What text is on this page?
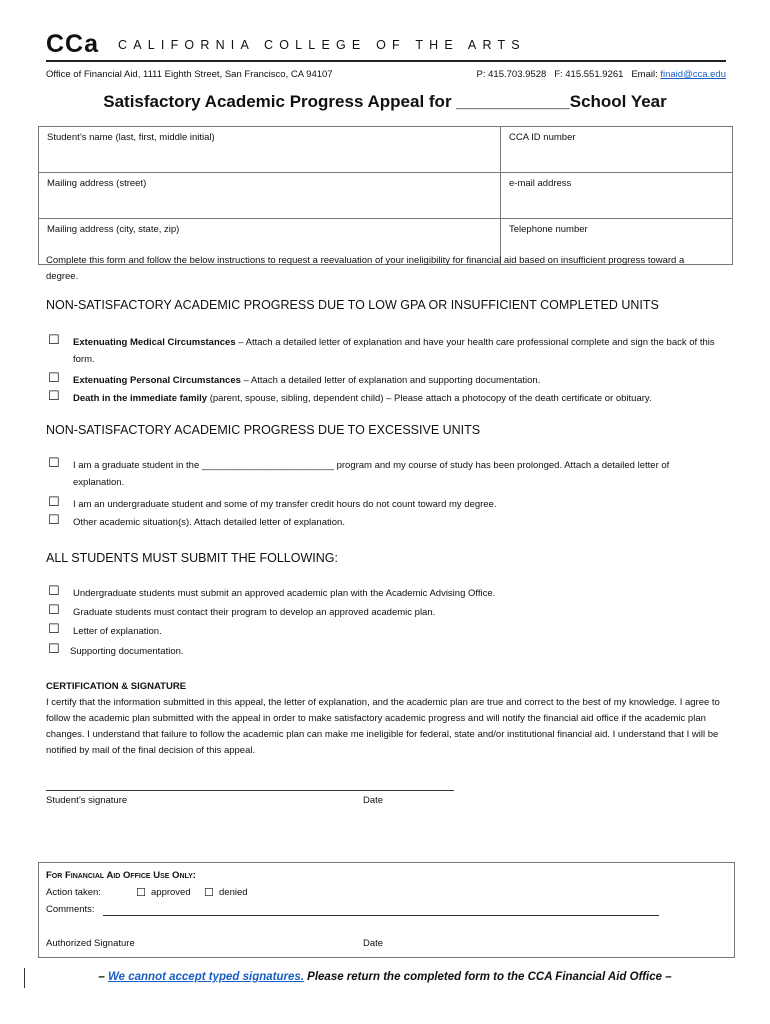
CCa CALIFORNIA COLLEGE OF THE ARTS
Office of Financial Aid, 1111 Eighth Street, San Francisco, CA 94107	P: 415.703.9528 F: 415.551.9261 Email: finaid@cca.edu
Satisfactory Academic Progress Appeal for ____________School Year
Student’s name (last, first, middle initial)	CCA ID number
Mailing address (street)	e-mail address
Mailing address (city, state, zip)	Telephone number
Complete this form and follow the below instructions to request a reevaluation of your ineligibility for financial aid based on insufficient progress toward a degree.
NON-SATISFACTORY ACADEMIC PROGRESS DUE TO LOW GPA OR INSUFFICIENT COMPLETED UNITS
☐ Extenuating Medical Circumstances – Attach a detailed letter of explanation and have your health care professional complete and sign the back of this form.
☐ Extenuating Personal Circumstances – Attach a detailed letter of explanation and supporting documentation.
☐ Death in the immediate family (parent, spouse, sibling, dependent child) – Please attach a photocopy of the death certificate or obituary.
NON-SATISFACTORY ACADEMIC PROGRESS DUE TO EXCESSIVE UNITS
☐ I am a graduate student in the _________________________ program and my course of study has been prolonged. Attach a detailed letter of explanation.
☐ I am an undergraduate student and some of my transfer credit hours do not count toward my degree.
☐ Other academic situation(s). Attach detailed letter of explanation.
ALL STUDENTS MUST SUBMIT THE FOLLOWING:
☐ Undergraduate students must submit an approved academic plan with the Academic Advising Office.
☐ Graduate students must contact their program to develop an approved academic plan.
☐ Letter of explanation.
☐ Supporting documentation.
CERTIFICATION & SIGNATURE
I certify that the information submitted in this appeal, the letter of explanation, and the academic plan are true and correct to the best of my knowledge. I agree to follow the academic plan submitted with the appeal in order to make satisfactory academic progress and will notify the financial aid office if the academic plan changes. I understand that failure to follow the academic plan can make me ineligible for federal, state and/or institutional financial aid. I understand that I will be notified by mail of the final decision of this appeal.
Student’s signature	Date
For Financial Aid Office Use Only:
Action taken:	☐ approved ☐ denied
Comments:
Authorized Signature	Date
– We cannot accept typed signatures. Please return the completed form to the CCA Financial Aid Office –
